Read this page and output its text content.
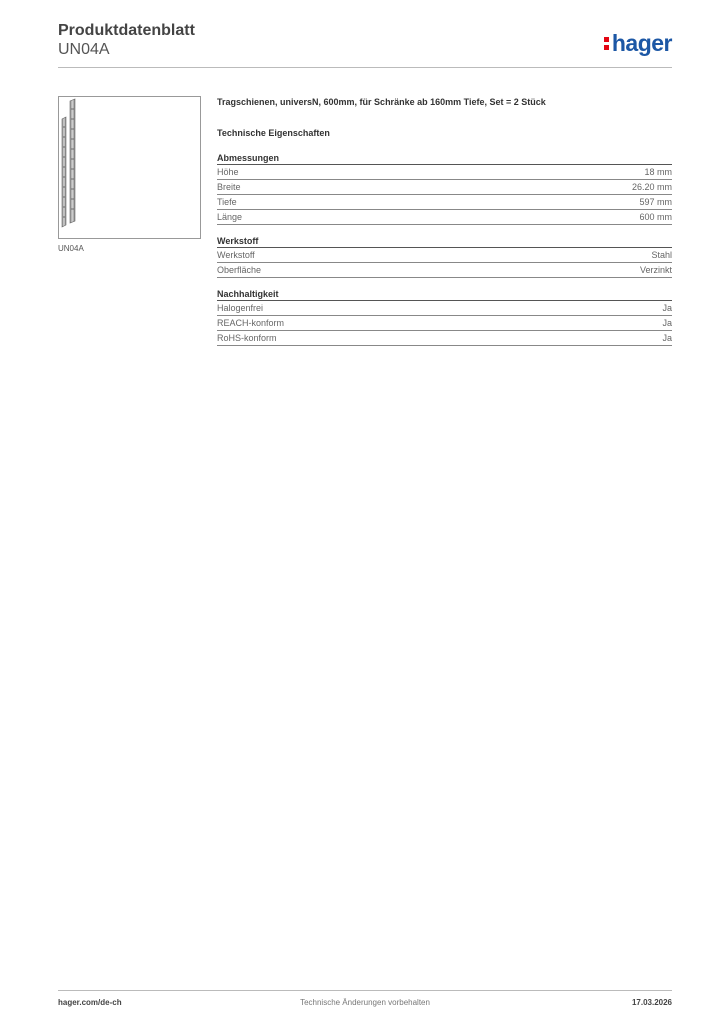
Produktdatenblatt
UN04A	hager
UN04A
Tragschienen, universN, 600mm, für Schränke ab 160mm Tiefe, Set = 2 Stück
Technische Eigenschaften
Abmessungen
Höhe	18 mm
Breite	26.20 mm
Tiefe	597 mm
Länge	600 mm
Werkstoff
Werkstoff	Stahl
Oberfläche	Verzinkt
Nachhaltigkeit
Halogenfrei	Ja
REACH-konform	Ja
RoHS-konform	Ja
hager.com/de-ch	Technische Änderungen vorbehalten	17.03.2026
